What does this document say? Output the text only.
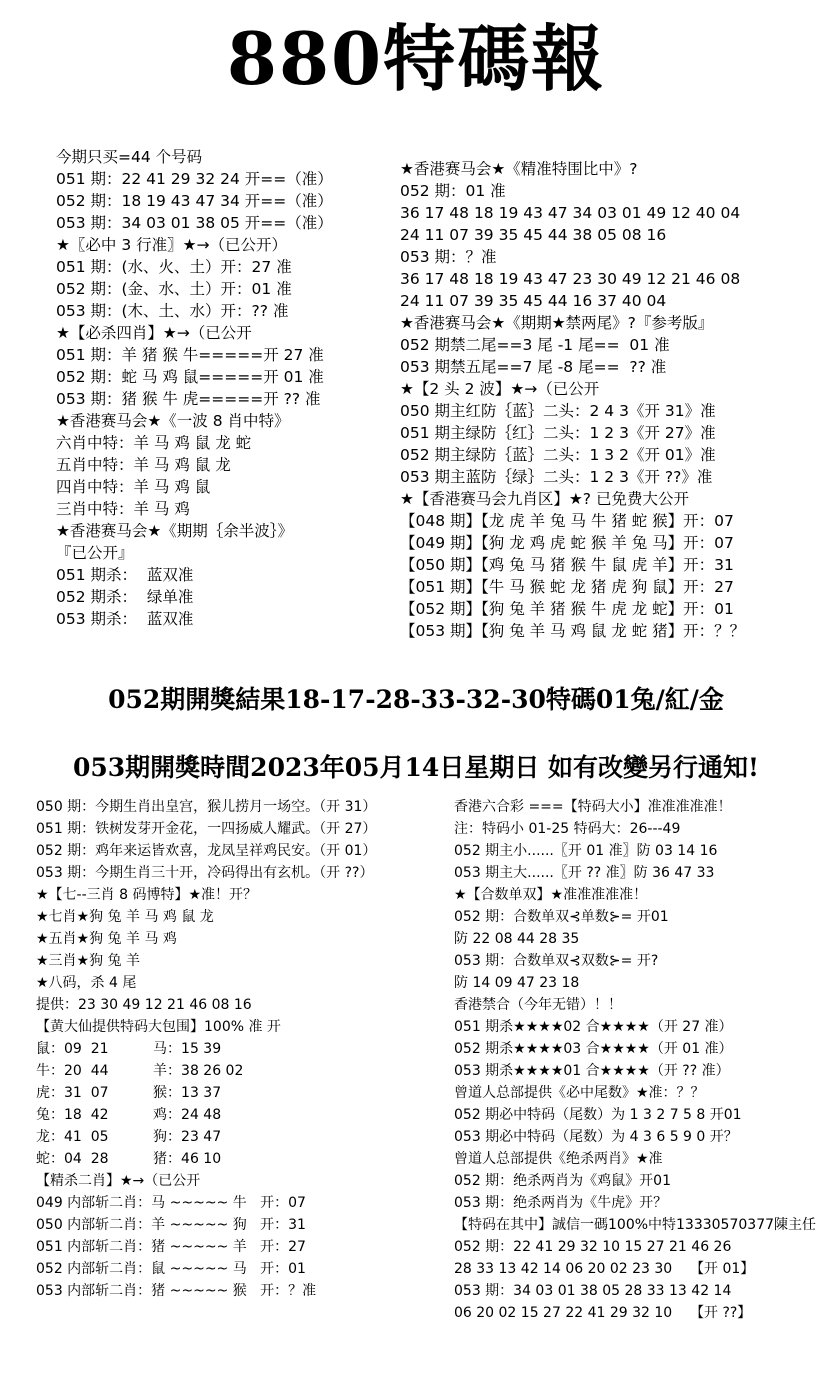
880特碼報
今期只买=44 个号码
051 期：22 41 29 32 24 开==（准）
052 期：18 19 43 47 34 开==（准）
053 期：34 03 01 38 05 开==（准）
★〖必中 3 行准〗★→（已公开）
051 期：(水、火、土）开：27 准
052 期：(金、水、土）开：01 准
053 期：(木、土、水）开：?? 准
★【必杀四肖】★→（已公开
051 期：羊 猪 猴 牛=====开 27 准
052 期：蛇 马 鸡 鼠=====开 01 准
053 期：猪 猴 牛 虎=====开 ?? 准
★香港赛马会★《一波 8 肖中特》
六肖中特：羊 马 鸡 鼠 龙 蛇
五肖中特：羊 马 鸡 鼠 龙
四肖中特：羊 马 鸡 鼠
三肖中特：羊 马 鸡
★香港赛马会★《期期｛余半波｝》
『已公开』
051 期杀：  蓝双准
052 期杀：  绿单准
053 期杀：  蓝双准
★香港赛马会★《精准特围比中》?
052 期：01 准
36 17 48 18 19 43 47 34 03 01 49 12 40 04
24 11 07 39 35 45 44 38 05 08 16
053 期：？准
36 17 48 18 19 43 47 23 30 49 12 21 46 08
24 11 07 39 35 45 44 16 37 40 04
★香港赛马会★《期期★禁两尾》?『参考版』
052 期禁二尾==3 尾 -1 尾==  01 准
053 期禁五尾==7 尾 -8 尾==  ?? 准
★【2 头 2 波】★→（已公开
050 期主红防｛蓝｝二头：2 4 3《开 31》准
051 期主绿防｛红｝二头：1 2 3《开 27》准
052 期主绿防｛蓝｝二头：1 3 2《开 01》准
053 期主蓝防｛绿｝二头：1 2 3《开 ??》准
★【香港赛马会九肖区】★? 已免费大公开
【048 期】【龙 虎 羊 兔 马 牛 猪 蛇 猴】开：07
【049 期】【狗 龙 鸡 虎 蛇 猴 羊 兔 马】开：07
【050 期】【鸡 兔 马 猪 猴 牛 鼠 虎 羊】开：31
【051 期】【牛 马 猴 蛇 龙 猪 虎 狗 鼠】开：27
【052 期】【狗 兔 羊 猪 猴 牛 虎 龙 蛇】开：01
【053 期】【狗 兔 羊 马 鸡 鼠 龙 蛇 猪】开：？？
052期開獎結果18-17-28-33-32-30特碼01兔/紅/金
053期開獎時間2023年05月14日星期日 如有改變另行通知!
050 期：今期生肖出皇宫，猴儿捞月一场空。（开 31）
051 期：铁树发芽开金花，一四扬威人耀武。（开 27）
052 期：鸡年来运皆欢喜，龙凤呈祥鸡民安。（开 01）
053 期：今期生肖三十开，冷码得出有玄机。（开 ??）
★【七--三肖 8 码博特】★准！开？
★七肖★狗 兔 羊 马 鸡 鼠 龙
★五肖★狗 兔 羊 马 鸡
★三肖★狗 兔 羊
★八码，杀 4 尾
提供：23 30 49 12 21 46 08 16
【黄大仙提供特码大包围】100% 准 开
鼠：09  21          马：15 39
牛：20  44          羊：38 26 02
虎：31  07          猴：13 37
兔：18  42          鸡：24 48
龙：41  05          狗：23 47
蛇：04  28          猪：46 10
【精杀二肖】★→（已公开
049 内部斩二肖：马 ~~~~~ 牛   开：07
050 内部斩二肖：羊 ~~~~~ 狗   开：31
051 内部斩二肖：猪 ~~~~~ 羊   开：27
052 内部斩二肖：鼠 ~~~~~ 马   开：01
053 内部斩二肖：猪 ~~~~~ 猴   开：？准
香港六合彩 ===【特码大小】准准准准准！
注：特码小 01-25 特码大：26---49
052 期主小......〖开 01 准〗防 03 14 16
053 期主大......〖开 ?? 准〗防 36 47 33
★【合数单双】★准准准准准！
052 期：合数单双⊰单数⊱= 开01
防 22 08 44 28 35
053 期：合数单双⊰双数⊱= 开?
防 14 09 47 23 18
香港禁合（今年无错）！！
051 期杀★★★★02 合★★★★（开 27 准）
052 期杀★★★★03 合★★★★（开 01 准）
053 期杀★★★★01 合★★★★（开 ?? 准）
曾道人总部提供《必中尾数》★准：？？
052 期必中特码（尾数）为 1 3 2 7 5 8 开01
053 期必中特码（尾数）为 4 3 6 5 9 0 开？
曾道人总部提供《绝杀两肖》★准
052 期：绝杀两肖为《鸡鼠》开01
053 期：绝杀两肖为《牛虎》开？
【特码在其中】誠信一碼100%中特13330570377陳主任
052 期：22 41 29 32 10 15 27 21 46 26
28 33 13 42 14 06 20 02 23 30    【开 01】
053 期：34 03 01 38 05 28 33 13 42 14
06 20 02 15 27 22 41 29 32 10    【开 ??】
